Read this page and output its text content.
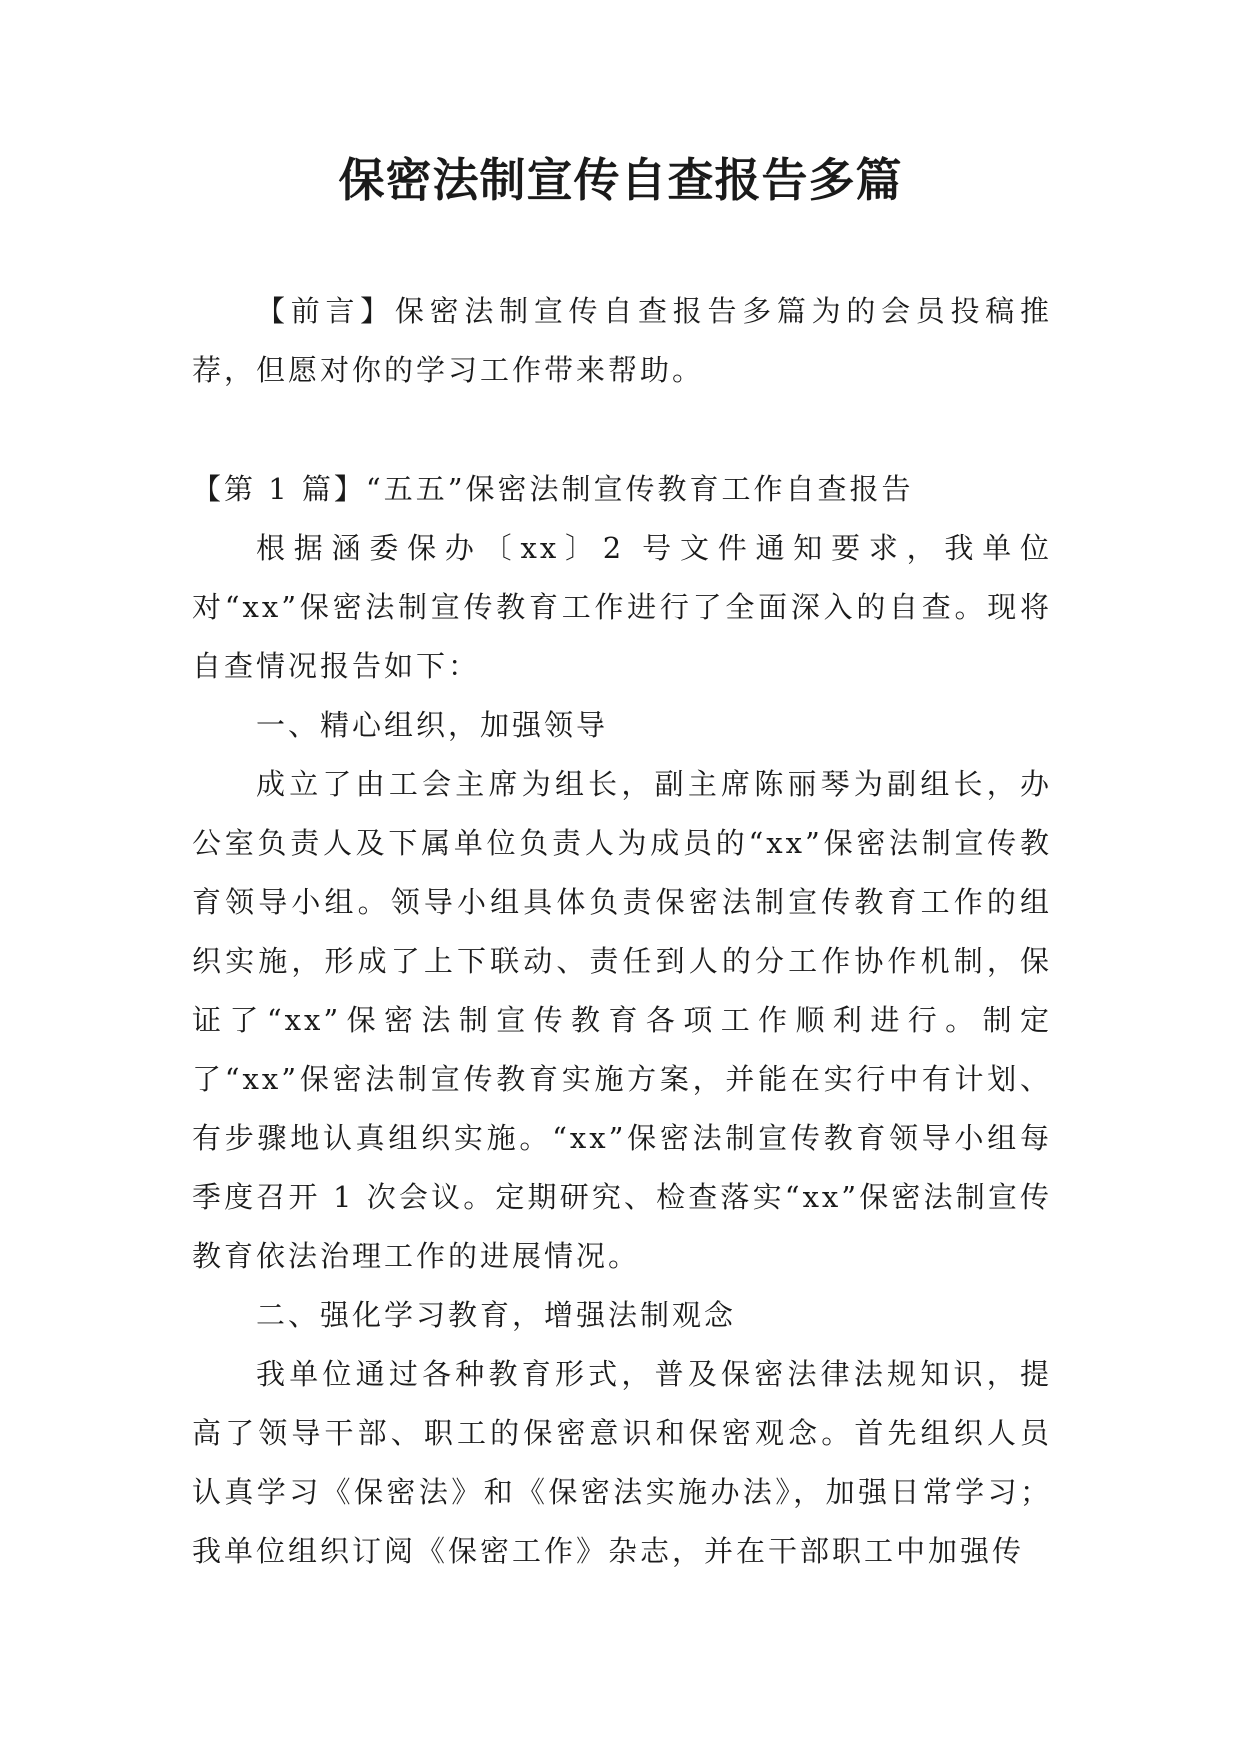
保密法制宣传自查报告多篇

【前言】保密法制宣传自查报告多篇为的会员投稿推荐，但愿对你的学习工作带来帮助。

【第 1 篇】“五五”保密法制宣传教育工作自查报告

根据涵委保办〔xx〕2 号文件通知要求，我单位对“xx”保密法制宣传教育工作进行了全面深入的自查。现将自查情况报告如下：

一、精心组织，加强领导

成立了由工会主席为组长，副主席陈丽琴为副组长，办公室负责人及下属单位负责人为成员的“xx”保密法制宣传教育领导小组。领导小组具体负责保密法制宣传教育工作的组织实施，形成了上下联动、责任到人的分工作协作机制，保证了“xx”保密法制宣传教育各项工作顺利进行。制定了“xx”保密法制宣传教育实施方案，并能在实行中有计划、有步骤地认真组织实施。“xx”保密法制宣传教育领导小组每季度召开 1 次会议。定期研究、检查落实“xx”保密法制宣传教育依法治理工作的进展情况。

二、强化学习教育，增强法制观念

我单位通过各种教育形式，普及保密法律法规知识，提高了领导干部、职工的保密意识和保密观念。首先组织人员认真学习《保密法》和《保密法实施办法》，加强日常学习；我单位组织订阅《保密工作》杂志，并在干部职工中加强传
